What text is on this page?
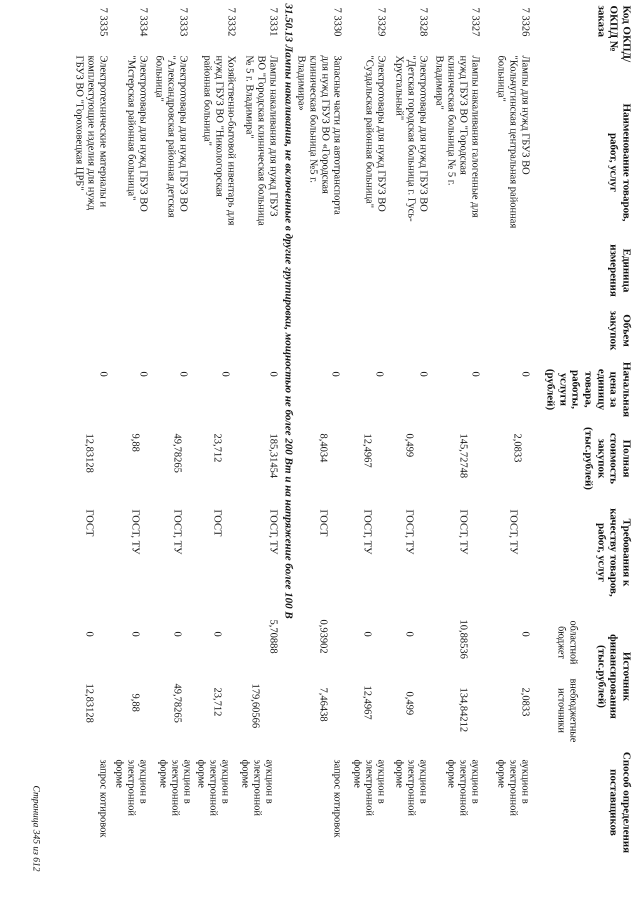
Код ОКПД/ ОКПД № заказа
Наименование товаров, работ, услуг
Единица измерения
Объем закупок
Начальная цена за единицу товара, работы, услуги (рублей)
Полная стоимость закупок (тыс.рублей)
Требования к качеству товаров, работ, услуг
Источник финансирования (тыс.рублей)
областной бюджет
внебюджетные источники
Способ определения поставщиков
7 3326
Лампы для нужд ГБУЗ ВО "Кольчугинская центральная районная больница"
0
2,0833
ГОСТ, ТУ
0
2,0833
аукцион в электронной форме
7 3327
Лампы накаливания галогенные для нужд ГБУЗ ВО "Городская клиническая больница № 5 г. Владимира"
0
145,72748
ГОСТ, ТУ
10,88536
134,84212
аукцион в электронной форме
7 3328
Электротовары для нужд ГБУЗ ВО "Детская городская больница г. Гусь-Хрустальный"
0
0,499
ГОСТ, ТУ
0
0,499
аукцион в электронной форме
7 3329
Электротовары для нужд ГБУЗ ВО "Суздальская районная больница"
0
12,4967
ГОСТ, ТУ
0
12,4967
аукцион в электронной форме
7 3330
Запасные части для автотранспорта для нужд ГБУЗ ВО «Городская клиническая больница №5 г. Владимира»
0
8,4034
ГОСТ
0,93902
7,46438
запрос котировок
31.50.13 Лампы накаливания, не включенные в другие группировки, мощностью не более 200 Вт и на напряжение более 100 В
7 3331
Лампы накаливания для нужд ГБУЗ ВО "Городская клиническая больница № 5 г. Владимира"
0
185,31454
ГОСТ, ТУ
5,70888
179,60566
аукцион в электронной форме
7 3332
Хозяйственно-бытовой инвентарь для нужд ГБУЗ ВО "Никологорская районная больница"
0
23,712
ГОСТ
0
23,712
аукцион в электронной форме
7 3333
Электротовары для нужд ГБУЗ ВО "Александровская районная детская больница"
0
49,78265
ГОСТ, ТУ
0
49,78265
аукцион в электронной форме
7 3334
Электротовары для нужд ГБУЗ ВО "Мстерская районная больница"
0
9,88
ГОСТ, ТУ
0
9,88
аукцион в электронной форме
7 3335
Электротехнические материалы и комплектующие изделия для нужд ГБУЗ ВО "Гороховецкая ЦРБ"
0
12,83128
ГОСТ
0
12,83128
запрос котировок
Страница 345 из 612
